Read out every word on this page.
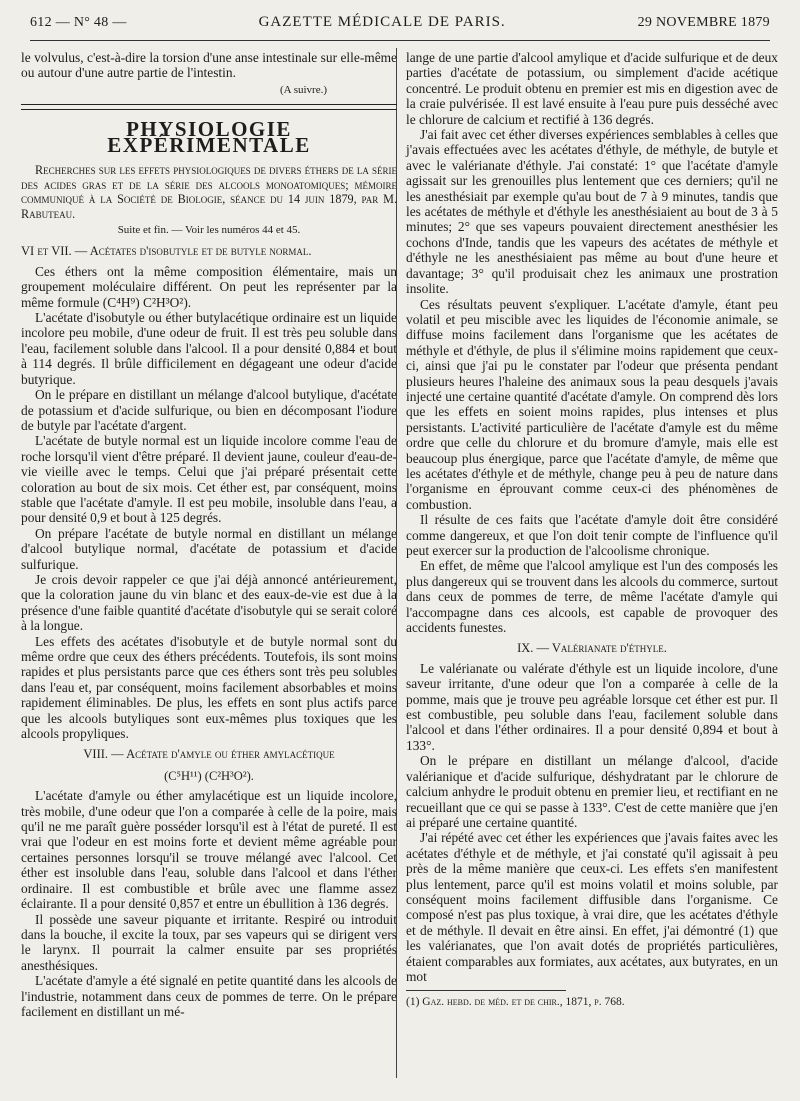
612 — N° 48 —	GAZETTE MÉDICALE DE PARIS.	29 NOVEMBRE 1879

le volvulus, c'est-à-dire la torsion d'une anse intestinale sur elle-même ou autour d'une autre partie de l'intestin.

(A suivre.)

PHYSIOLOGIE EXPÉRIMENTALE

Recherches sur les effets physiologiques de divers éthers de la série des acides gras et de la série des alcools monoatomiques; mémoire communiqué à la Société de Biologie, séance du 14 juin 1879, par M. Rabuteau.

Suite et fin. — Voir les numéros 44 et 45.

VI et VII. — Acétates d'isobutyle et de butyle normal.

Ces éthers ont la même composition élémentaire, mais un groupement moléculaire différent. On peut les représenter par la même formule (C⁴H⁹) C²H³O²).

L'acétate d'isobutyle ou éther butylacétique ordinaire est un liquide incolore peu mobile, d'une odeur de fruit. Il est très peu soluble dans l'eau, facilement soluble dans l'alcool. Il a pour densité 0,884 et bout à 114 degrés. Il brûle difficilement en dégageant une odeur d'acide butyrique.

On le prépare en distillant un mélange d'alcool butylique, d'acétate de potassium et d'acide sulfurique, ou bien en décomposant l'iodure de butyle par l'acétate d'argent.

L'acétate de butyle normal est un liquide incolore comme l'eau de roche lorsqu'il vient d'être préparé. Il devient jaune, couleur d'eau-de-vie vieille avec le temps. Celui que j'ai préparé présentait cette coloration au bout de six mois. Cet éther est, par conséquent, moins stable que l'acétate d'amyle. Il est peu mobile, insoluble dans l'eau, a pour densité 0,9 et bout à 125 degrés.

On prépare l'acétate de butyle normal en distillant un mélange d'alcool butylique normal, d'acétate de potassium et d'acide sulfurique.

Je crois devoir rappeler ce que j'ai déjà annoncé antérieurement, que la coloration jaune du vin blanc et des eaux-de-vie est due à la présence d'une faible quantité d'acétate d'isobutyle qui se serait coloré à la longue.

Les effets des acétates d'isobutyle et de butyle normal sont du même ordre que ceux des éthers précédents. Toutefois, ils sont moins rapides et plus persistants parce que ces éthers sont très peu solubles dans l'eau et, par conséquent, moins facilement absorbables et moins rapidement éliminables. De plus, les effets en sont plus actifs parce que les alcools butyliques sont eux-mêmes plus toxiques que les alcools propyliques.

VIII. — Acétate d'amyle ou éther amylacétique

(C⁵H¹¹) (C²H³O²).

L'acétate d'amyle ou éther amylacétique est un liquide incolore, très mobile, d'une odeur que l'on a comparée à celle de la poire, mais qu'il ne me paraît guère posséder lorsqu'il est à l'état de pureté. Il est vrai que l'odeur en est moins forte et devient même agréable pour certaines personnes lorsqu'il se trouve mélangé avec l'alcool. Cet éther est insoluble dans l'eau, soluble dans l'alcool et dans l'éther ordinaire. Il est combustible et brûle avec une flamme assez éclairante. Il a pour densité 0,857 et entre un ébullition à 136 degrés.

Il possède une saveur piquante et irritante. Respiré ou introduit dans la bouche, il excite la toux, par ses vapeurs qui se dirigent vers le larynx. Il pourrait la calmer ensuite par ses propriétés anesthésiques.

L'acétate d'amyle a été signalé en petite quantité dans les alcools de l'industrie, notamment dans ceux de pommes de terre. On le prépare facilement en distillant un mé-

lange de une partie d'alcool amylique et d'acide sulfurique et de deux parties d'acétate de potassium, ou simplement d'acide acétique concentré. Le produit obtenu en premier est mis en digestion avec de la craie pulvérisée. Il est lavé ensuite à l'eau pure puis desséché avec le chlorure de calcium et rectifié à 136 degrés.

J'ai fait avec cet éther diverses expériences semblables à celles que j'avais effectuées avec les acétates d'éthyle, de méthyle, de butyle et avec le valérianate d'éthyle. J'ai constaté: 1° que l'acétate d'amyle agissait sur les grenouilles plus lentement que ces derniers; qu'il ne les anesthésiait par exemple qu'au bout de 7 à 9 minutes, tandis que les acétates de méthyle et d'éthyle les anesthésiaient au bout de 3 à 5 minutes; 2° que ses vapeurs pouvaient directement anesthésier les cochons d'Inde, tandis que les vapeurs des acétates de méthyle et d'éthyle ne les anesthésiaient pas même au bout d'une heure et davantage; 3° qu'il produisait chez les animaux une prostration insolite.

Ces résultats peuvent s'expliquer. L'acétate d'amyle, étant peu volatil et peu miscible avec les liquides de l'économie animale, se diffuse moins facilement dans l'organisme que les acétates de méthyle et d'éthyle, de plus il s'élimine moins rapidement que ceux-ci, ainsi que j'ai pu le constater par l'odeur que présenta pendant plusieurs heures l'haleine des animaux sous la peau desquels j'avais injecté une certaine quantité d'acétate d'amyle. On comprend dès lors que les effets en soient moins rapides, plus intenses et plus persistants. L'activité particulière de l'acétate d'amyle est du même ordre que celle du chlorure et du bromure d'amyle, mais elle est beaucoup plus énergique, parce que l'acétate d'amyle, de même que les acétates d'éthyle et de méthyle, change peu à peu de nature dans l'organisme en éprouvant comme ceux-ci des phénomènes de combustion.

Il résulte de ces faits que l'acétate d'amyle doit être considéré comme dangereux, et que l'on doit tenir compte de l'influence qu'il peut exercer sur la production de l'alcoolisme chronique.

En effet, de même que l'alcool amylique est l'un des composés les plus dangereux qui se trouvent dans les alcools du commerce, surtout dans ceux de pommes de terre, de même l'acétate d'amyle qui l'accompagne dans ces alcools, est capable de provoquer des accidents funestes.

IX. — Valérianate d'éthyle.

Le valérianate ou valérate d'éthyle est un liquide incolore, d'une saveur irritante, d'une odeur que l'on a comparée à celle de la pomme, mais que je trouve peu agréable lorsque cet éther est pur. Il est combustible, peu soluble dans l'eau, facilement soluble dans l'alcool et dans l'éther ordinaires. Il a pour densité 0,894 et bout à 133°.

On le prépare en distillant un mélange d'alcool, d'acide valérianique et d'acide sulfurique, déshydratant par le chlorure de calcium anhydre le produit obtenu en premier lieu, et rectifiant en ne recueillant que ce qui se passe à 133°. C'est de cette manière que j'en ai préparé une certaine quantité.

J'ai répété avec cet éther les expériences que j'avais faites avec les acétates d'éthyle et de méthyle, et j'ai constaté qu'il agissait à peu près de la même manière que ceux-ci. Les effets s'en manifestent plus lentement, parce qu'il est moins volatil et moins soluble, par conséquent moins facilement diffusible dans l'organisme. Ce composé n'est pas plus toxique, à vrai dire, que les acétates d'éthyle et de méthyle. Il devait en être ainsi. En effet, j'ai démontré (1) que les valérianates, que l'on avait dotés de propriétés particulières, étaient comparables aux formiates, aux acétates, aux butyrates, en un mot

(1) Gaz. hebd. de méd. et de chir., 1871, p. 768.
